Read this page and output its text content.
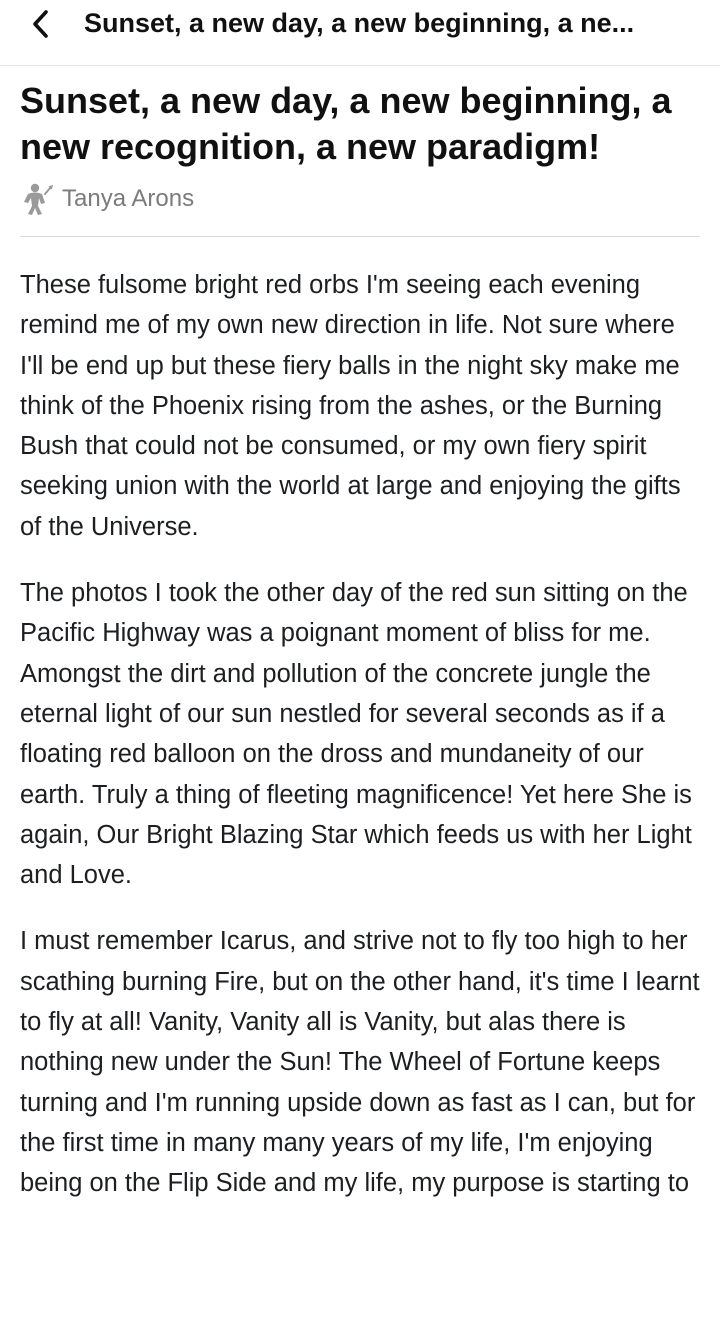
Sunset, a new day, a new beginning, a ne...
Sunset, a new day, a new beginning, a new recognition, a new paradigm!
Tanya Arons

These fulsome bright red orbs I'm seeing each evening remind me of my own new direction in life. Not sure where I'll be end up but these fiery balls in the night sky make me think of the Phoenix rising from the ashes, or the Burning Bush that could not be consumed, or my own fiery spirit seeking union with the world at large and enjoying the gifts of the Universe.

The photos I took the other day of the red sun sitting on the Pacific Highway was a poignant moment of bliss for me. Amongst the dirt and pollution of the concrete jungle the eternal light of our sun nestled for several seconds as if a floating red balloon on the dross and mundaneity of our earth. Truly a thing of fleeting magnificence! Yet here She is again, Our Bright Blazing Star which feeds us with her Light and Love.

I must remember Icarus, and strive not to fly too high to her scathing burning Fire, but on the other hand, it's time I learnt to fly at all! Vanity, Vanity all is Vanity, but alas there is nothing new under the Sun! The Wheel of Fortune keeps turning and I'm running upside down as fast as I can, but for the first time in many many years of my life, I'm enjoying being on the Flip Side and my life, my purpose is starting to
